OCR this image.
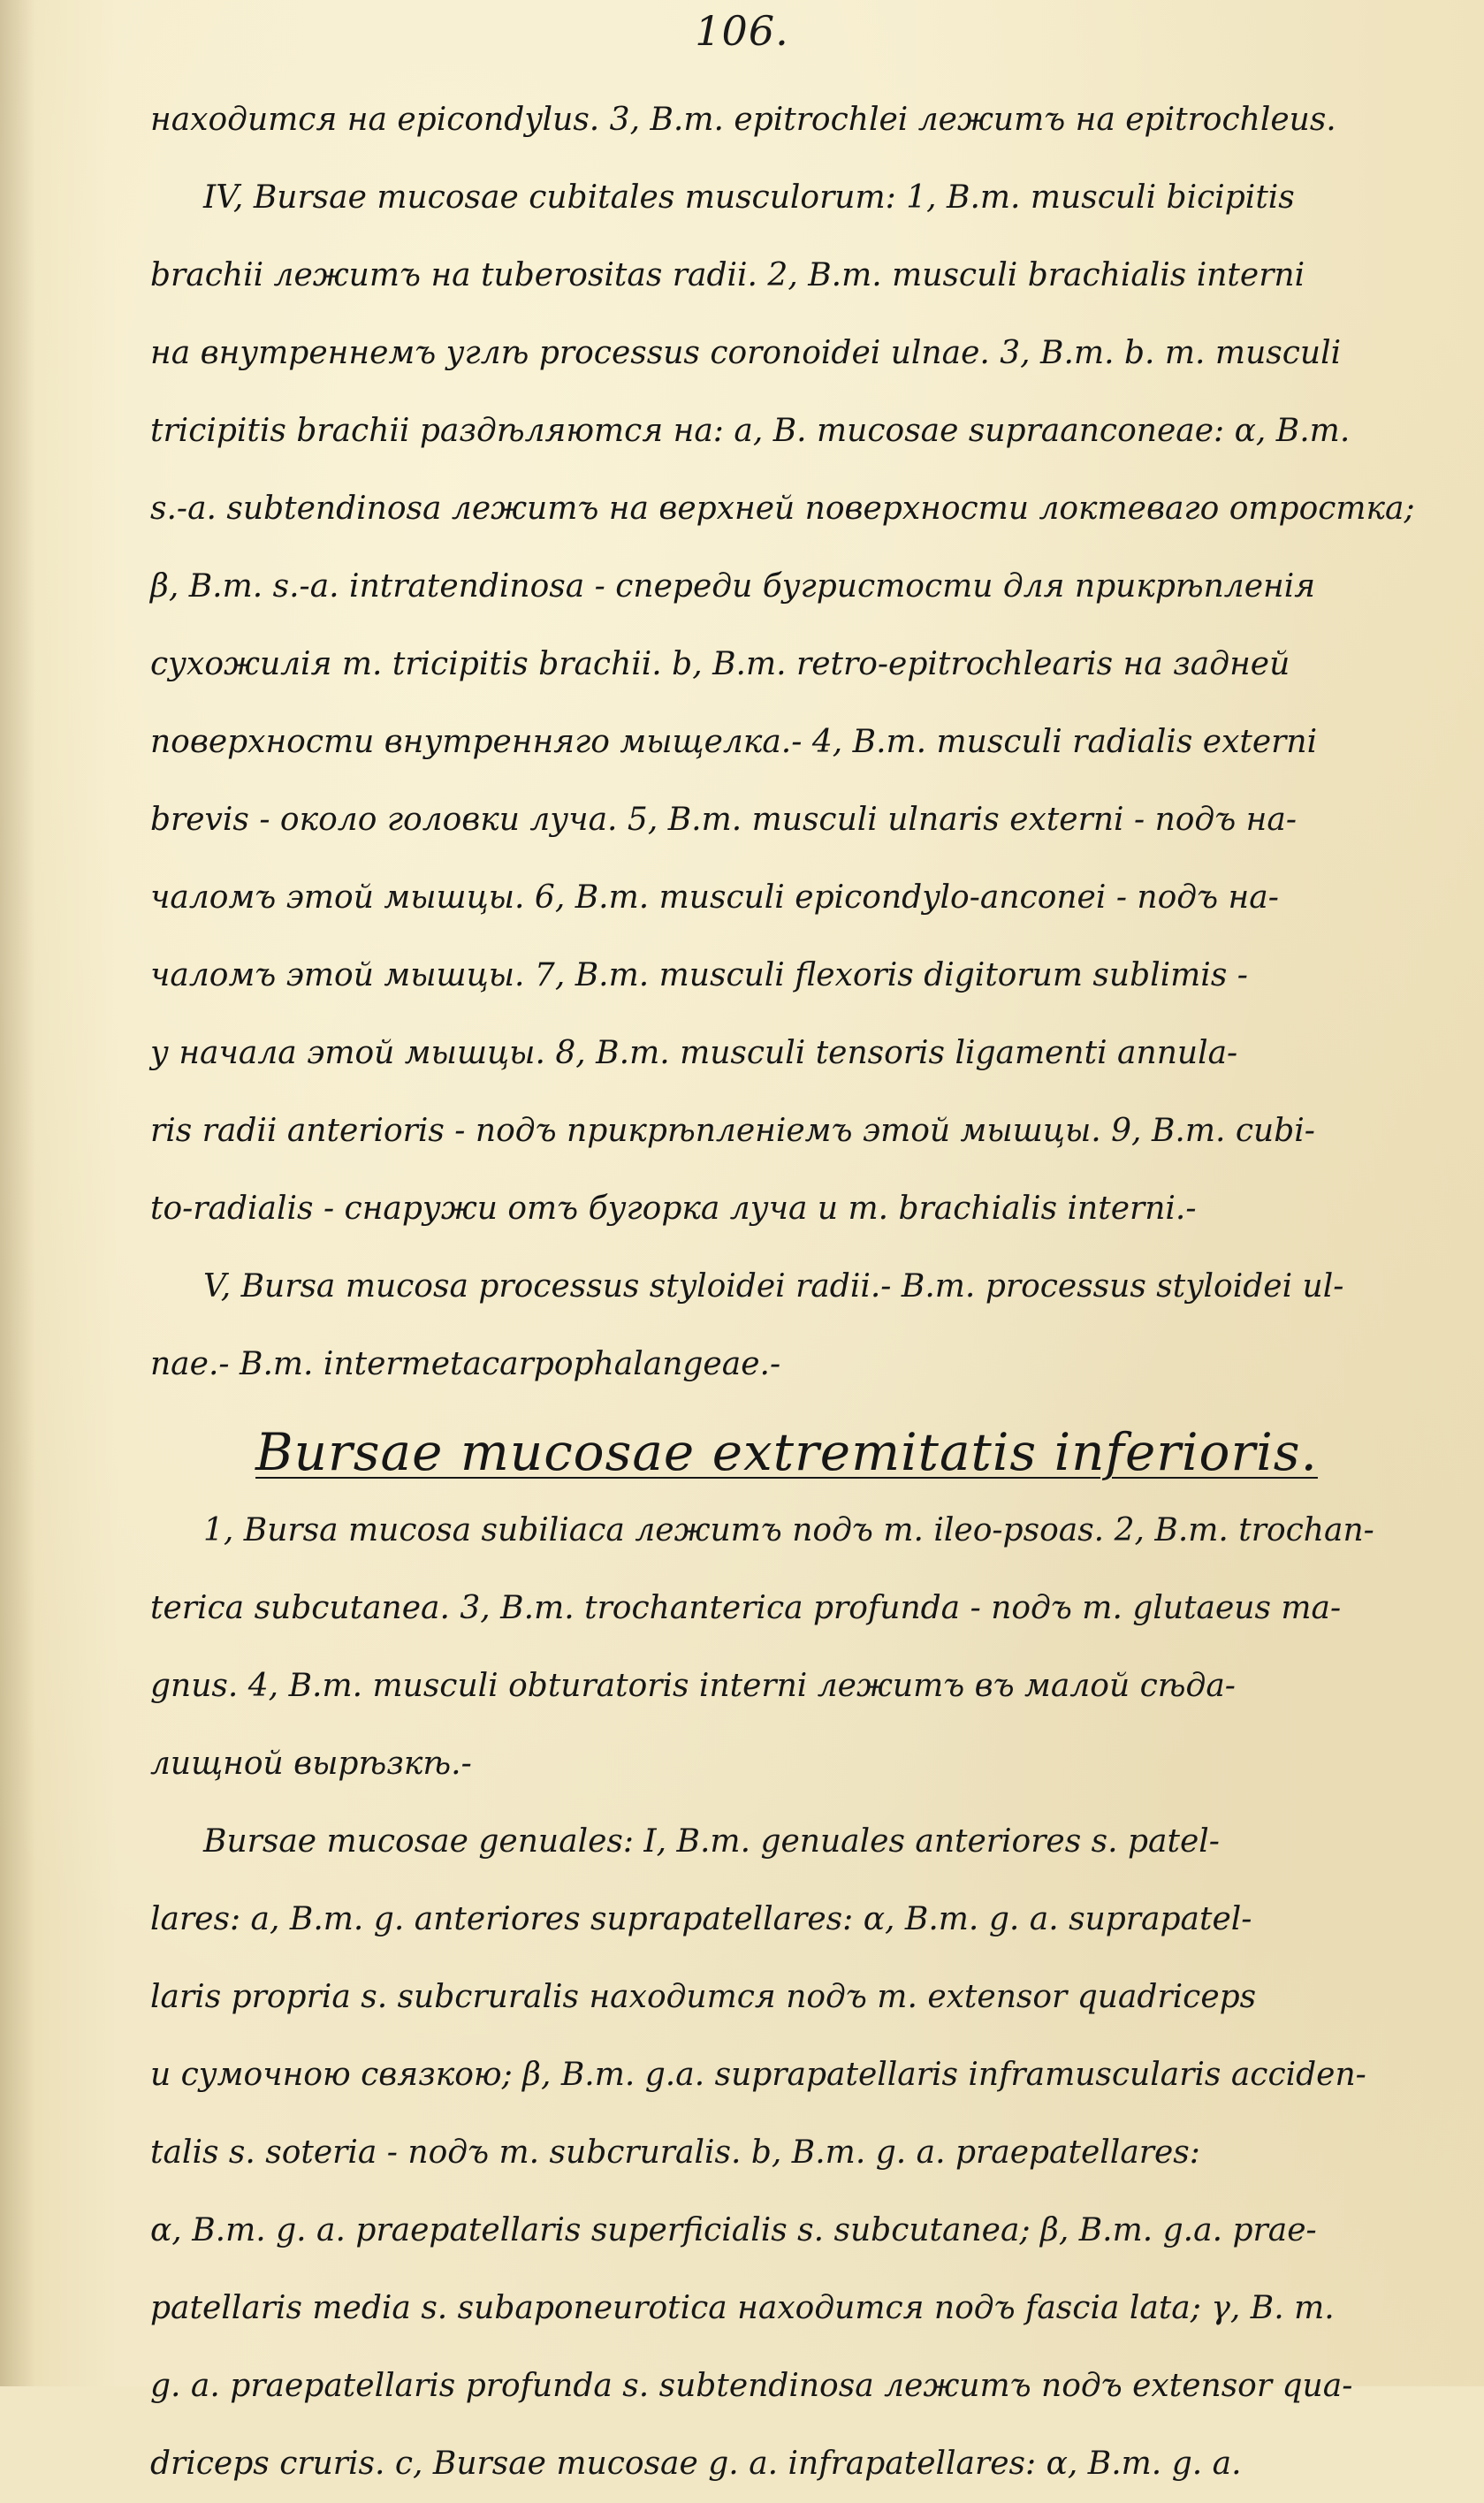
106.
находится на epicondylus. 3, B.m. epitrochlei лежитъ на epitrochleus.
IV, Bursae mucosae cubitales musculorum: 1, B.m. musculi bicipitis
brachii лежитъ на tuberositas radii. 2, B.m. musculi brachialis interni
на внутреннемъ углѣ processus coronoidei ulnae. 3, B.m. b. m. musculi
tricipitis brachii раздѣляются на: a, B. mucosae supraanconeae: α, B.m.
s.-a. subtendinosa лежитъ на верхней поверхности локтеваго отростка;
β, B.m. s.-a. intratendinosa - спереди бугристости для прикрѣпленія
сухожилія m. tricipitis brachii. b, B.m. retro-epitrochlearis на задней
поверхности внутренняго мыщелка.- 4, B.m. musculi radialis externi
brevis - около головки луча. 5, B.m. musculi ulnaris externi - подъ на-
чаломъ этой мышцы. 6, B.m. musculi epicondylo-anconei - подъ на-
чаломъ этой мышцы. 7, B.m. musculi flexoris digitorum sublimis -
у начала этой мышцы. 8, B.m. musculi tensoris ligamenti annula-
ris radii anterioris - подъ прикрѣпленіемъ этой мышцы. 9, B.m. cubi-
to-radialis - снаружи отъ бугорка луча и m. brachialis interni.-
V, Bursa mucosa processus styloidei radii.- B.m. processus styloidei ul-
nae.- B.m. intermetacarpophalangeae.-
Bursae mucosae extremitatis inferioris.
1, Bursa mucosa subiliaca лежитъ подъ m. ileo-psoas. 2, B.m. trochan-
terica subcutanea. 3, B.m. trochanterica profunda - подъ m. glutaeus ma-
gnus. 4, B.m. musculi obturatoris interni лежитъ въ малой сѣда-
лищной вырѣзкѣ.-
Bursae mucosae genuales: I, B.m. genuales anteriores s. patel-
lares: a, B.m. g. anteriores suprapatellares: α, B.m. g. a. suprapatel-
laris propria s. subcruralis находится подъ m. extensor quadriceps
и сумочною связкою; β, B.m. g.a. suprapatellaris inframuscularis acciden-
talis s. soteria - подъ m. subcruralis. b, B.m. g. a. praepatellares:
α, B.m. g. a. praepatellaris superficialis s. subcutanea; β, B.m. g.a. prae-
patellaris media s. subaponeurotica находится подъ fascia lata; γ, B. m.
g. a. praepatellaris profunda s. subtendinosa лежитъ подъ extensor qua-
driceps cruris. c, Bursae mucosae g. a. infrapatellares: α, B.m. g. a.
